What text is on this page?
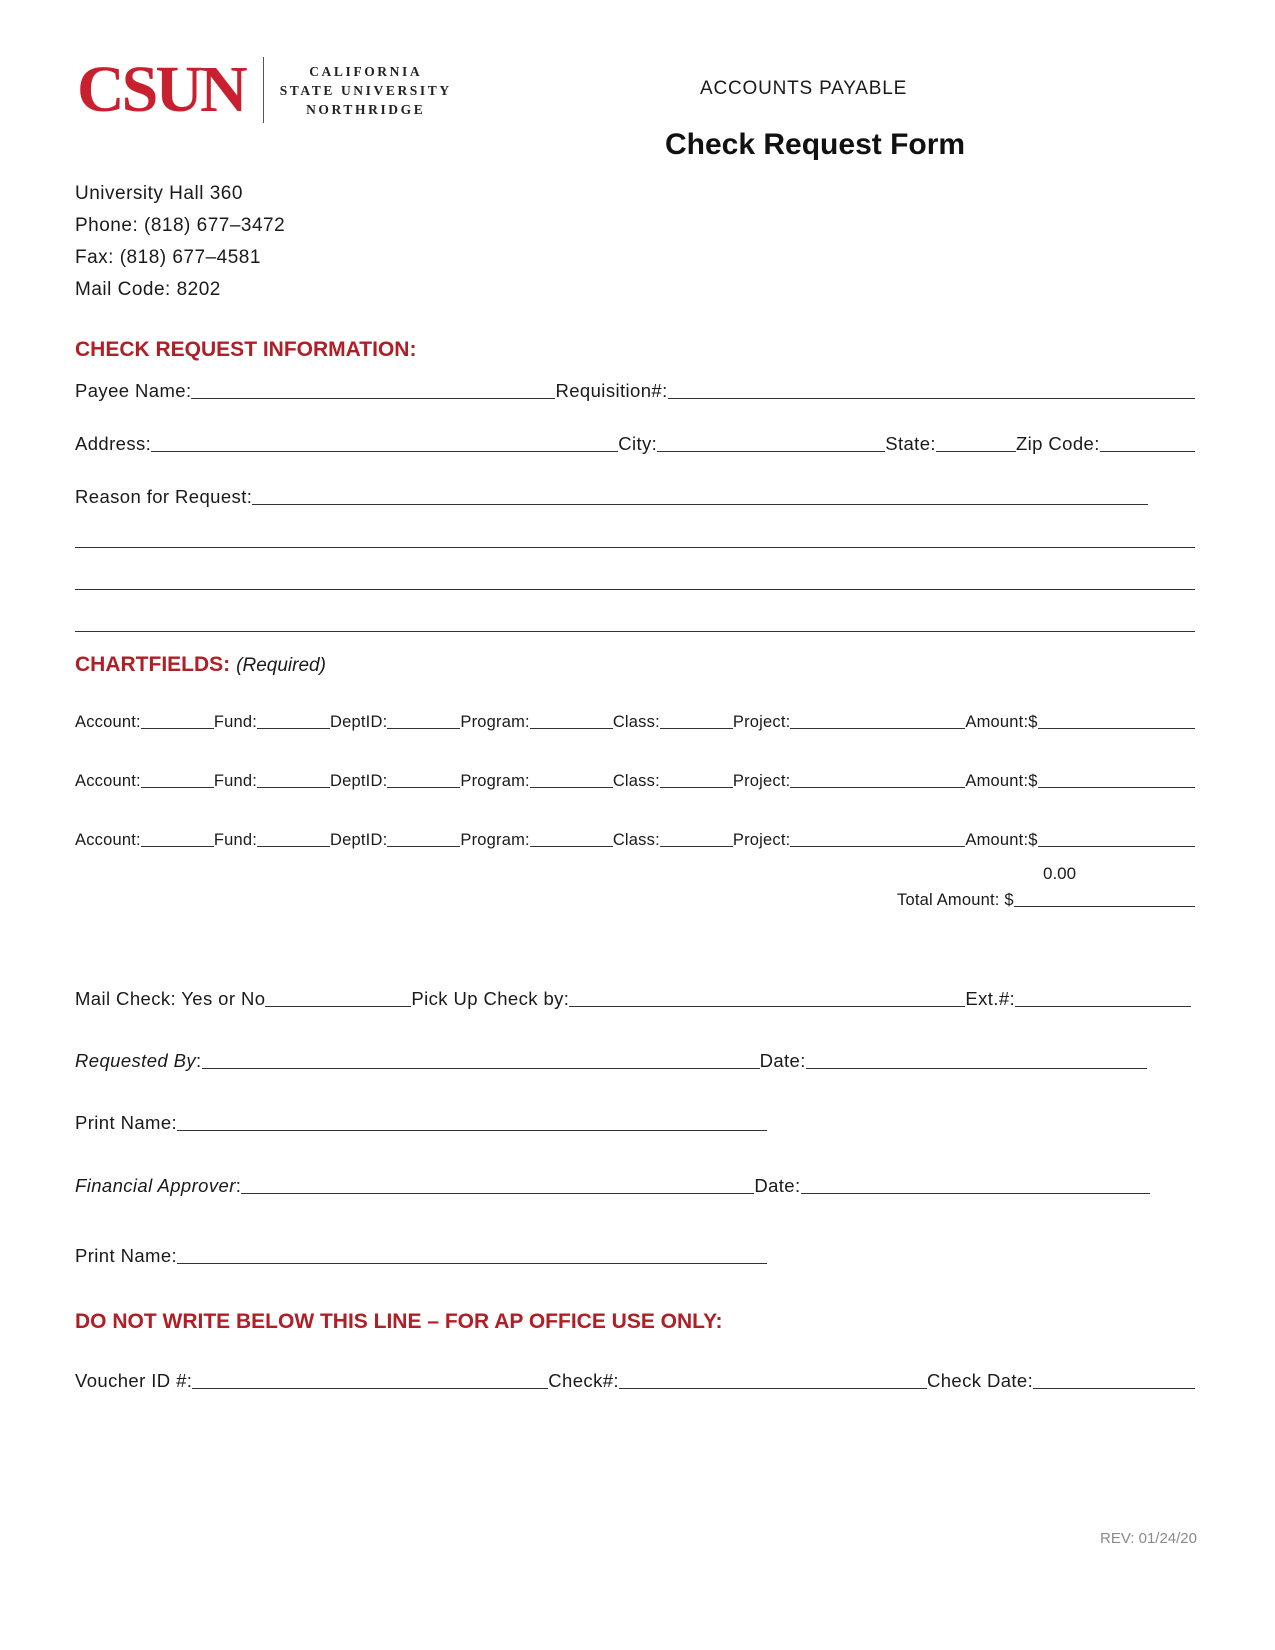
CSUN	CALIFORNIA
STATE UNIVERSITY
NORTHRIDGE
ACCOUNTS PAYABLE
Check Request Form
University Hall 360
Phone: (818) 677–3472
Fax: (818) 677–4581
Mail Code: 8202
CHECK REQUEST INFORMATION:
Payee Name:	Requisition#:
Address:	City:	State:	Zip Code:
Reason for Request:
CHARTFIELDS: (Required)
Account:	Fund:	DeptID:	Program:	Class:	Project:	Amount:$
Account:	Fund:	DeptID:	Program:	Class:	Project:	Amount:$
Account:	Fund:	DeptID:	Program:	Class:	Project:	Amount:$
0.00
Total Amount: $
Mail Check: Yes or No	Pick Up Check by:	Ext.#:
Requested By :	Date:
Print Name:
Financial Approver :	Date:
Print Name:
DO NOT WRITE BELOW THIS LINE – FOR AP OFFICE USE ONLY:
Voucher ID #:	Check#:	Check Date:
REV: 01/24/20
